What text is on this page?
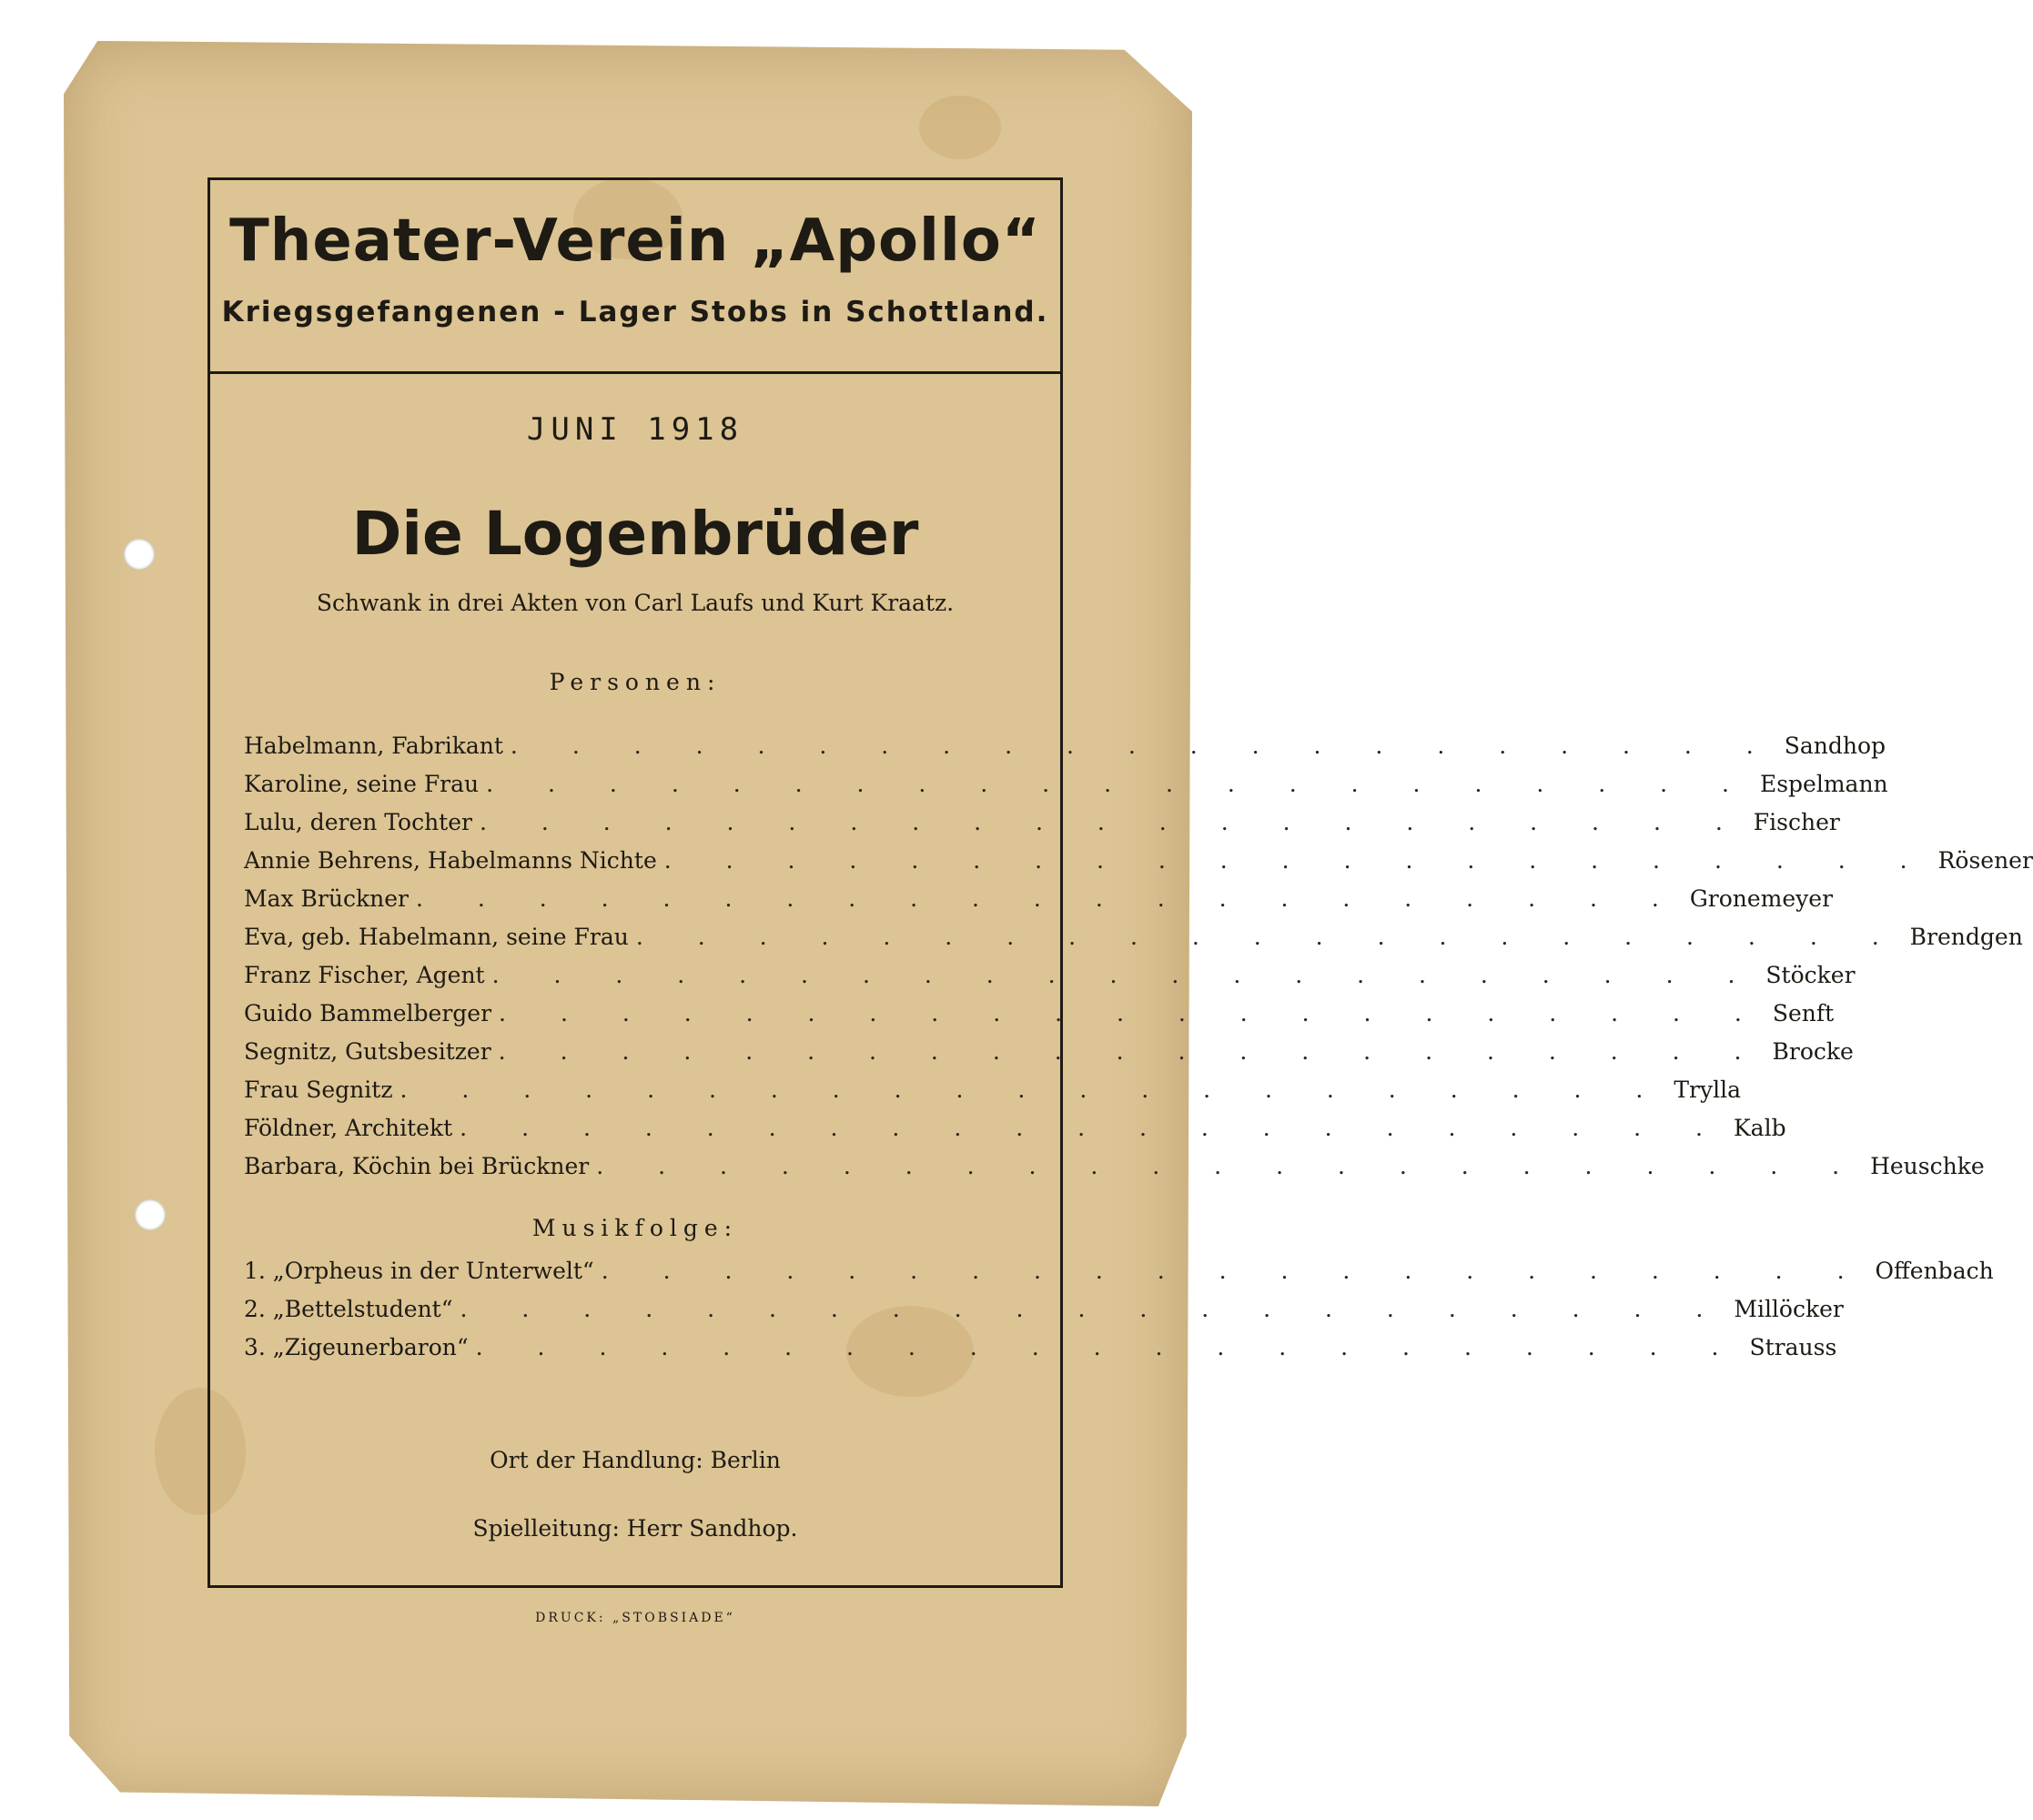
Theater-Verein „Apollo“
Kriegsgefangenen - Lager Stobs in Schottland.
JUNI 1918
Die Logenbrüder
Schwank in drei Akten von Carl Laufs und Kurt Kraatz.
Personen:
Habelmann, Fabrikant . . . . . . . . . . . . . . . . . . . . . Sandhop
Karoline, seine Frau . . . . . . . . . . . . . . . . . . . . . Espelmann
Lulu, deren Tochter . . . . . . . . . . . . . . . . . . . . . Fischer
Annie Behrens, Habelmanns Nichte . . . . . . . . . . . . . . . . . . . . . Rösener
Max Brückner . . . . . . . . . . . . . . . . . . . . . Gronemeyer
Eva, geb. Habelmann, seine Frau . . . . . . . . . . . . . . . . . . . . . Brendgen
Franz Fischer, Agent . . . . . . . . . . . . . . . . . . . . . Stöcker
Guido Bammelberger . . . . . . . . . . . . . . . . . . . . . Senft
Segnitz, Gutsbesitzer . . . . . . . . . . . . . . . . . . . . . Brocke
Frau Segnitz . . . . . . . . . . . . . . . . . . . . . Trylla
Földner, Architekt . . . . . . . . . . . . . . . . . . . . . Kalb
Barbara, Köchin bei Brückner . . . . . . . . . . . . . . . . . . . . . Heuschke
Musikfolge:
1. „Orpheus in der Unterwelt“ . . . . . . . . . . . . . . . . . . . . . Offenbach
2. „Bettelstudent“ . . . . . . . . . . . . . . . . . . . . . Millöcker
3. „Zigeunerbaron“ . . . . . . . . . . . . . . . . . . . . . Strauss
Ort der Handlung: Berlin
Spielleitung: Herr Sandhop.
DRUCK: „STOBSIADE“
